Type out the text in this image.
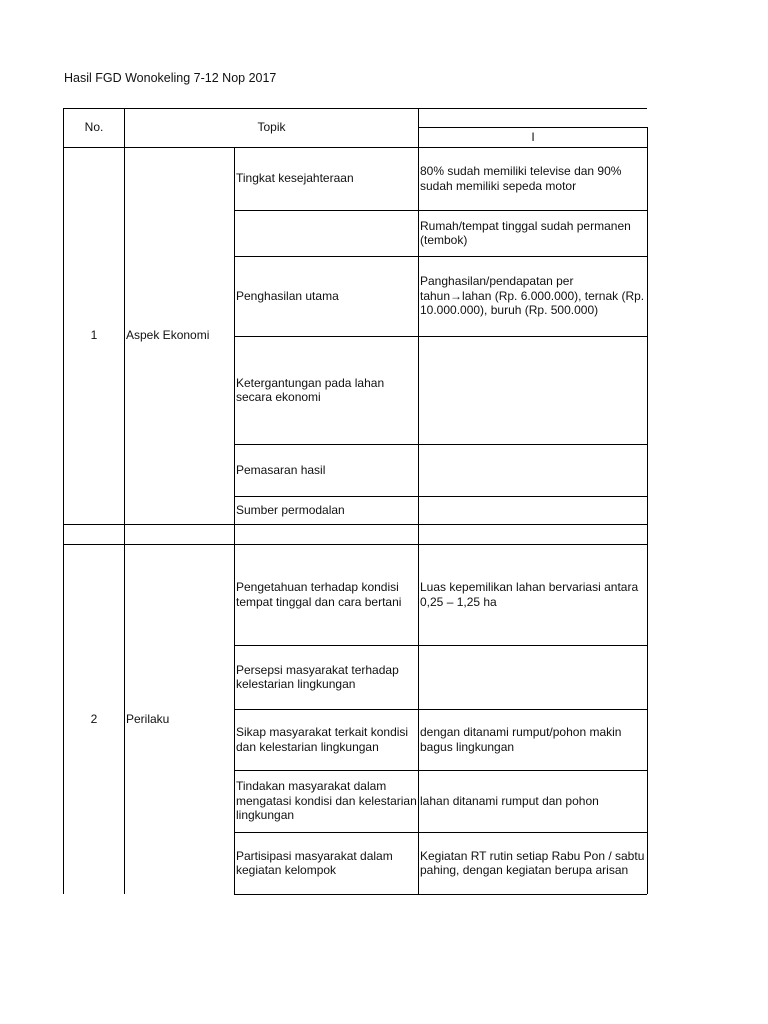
Hasil FGD Wonokeling 7-12 Nop 2017
No.	Topik
I
1 Aspek Ekonomi
Tingkat kesejahteraan
80% sudah memiliki televise dan 90% sudah memiliki sepeda motor
Rumah/tempat tinggal sudah permanen (tembok)
Penghasilan utama
Panghasilan/pendapatan per tahun→lahan (Rp. 6.000.000), ternak (Rp. 10.000.000), buruh (Rp. 500.000)
Ketergantungan pada lahan secara ekonomi
Pemasaran hasil
Sumber permodalan
2 Perilaku
Pengetahuan terhadap kondisi tempat tinggal dan cara bertani
Luas kepemilikan lahan bervariasi antara 0,25 – 1,25 ha
Persepsi masyarakat terhadap kelestarian lingkungan
Sikap masyarakat terkait kondisi dan kelestarian lingkungan
dengan ditanami rumput/pohon makin bagus lingkungan
Tindakan masyarakat dalam mengatasi kondisi dan kelestarian lingkungan
lahan ditanami rumput dan pohon
Partisipasi masyarakat dalam kegiatan kelompok
Kegiatan RT rutin setiap Rabu Pon / sabtu pahing, dengan kegiatan berupa arisan
